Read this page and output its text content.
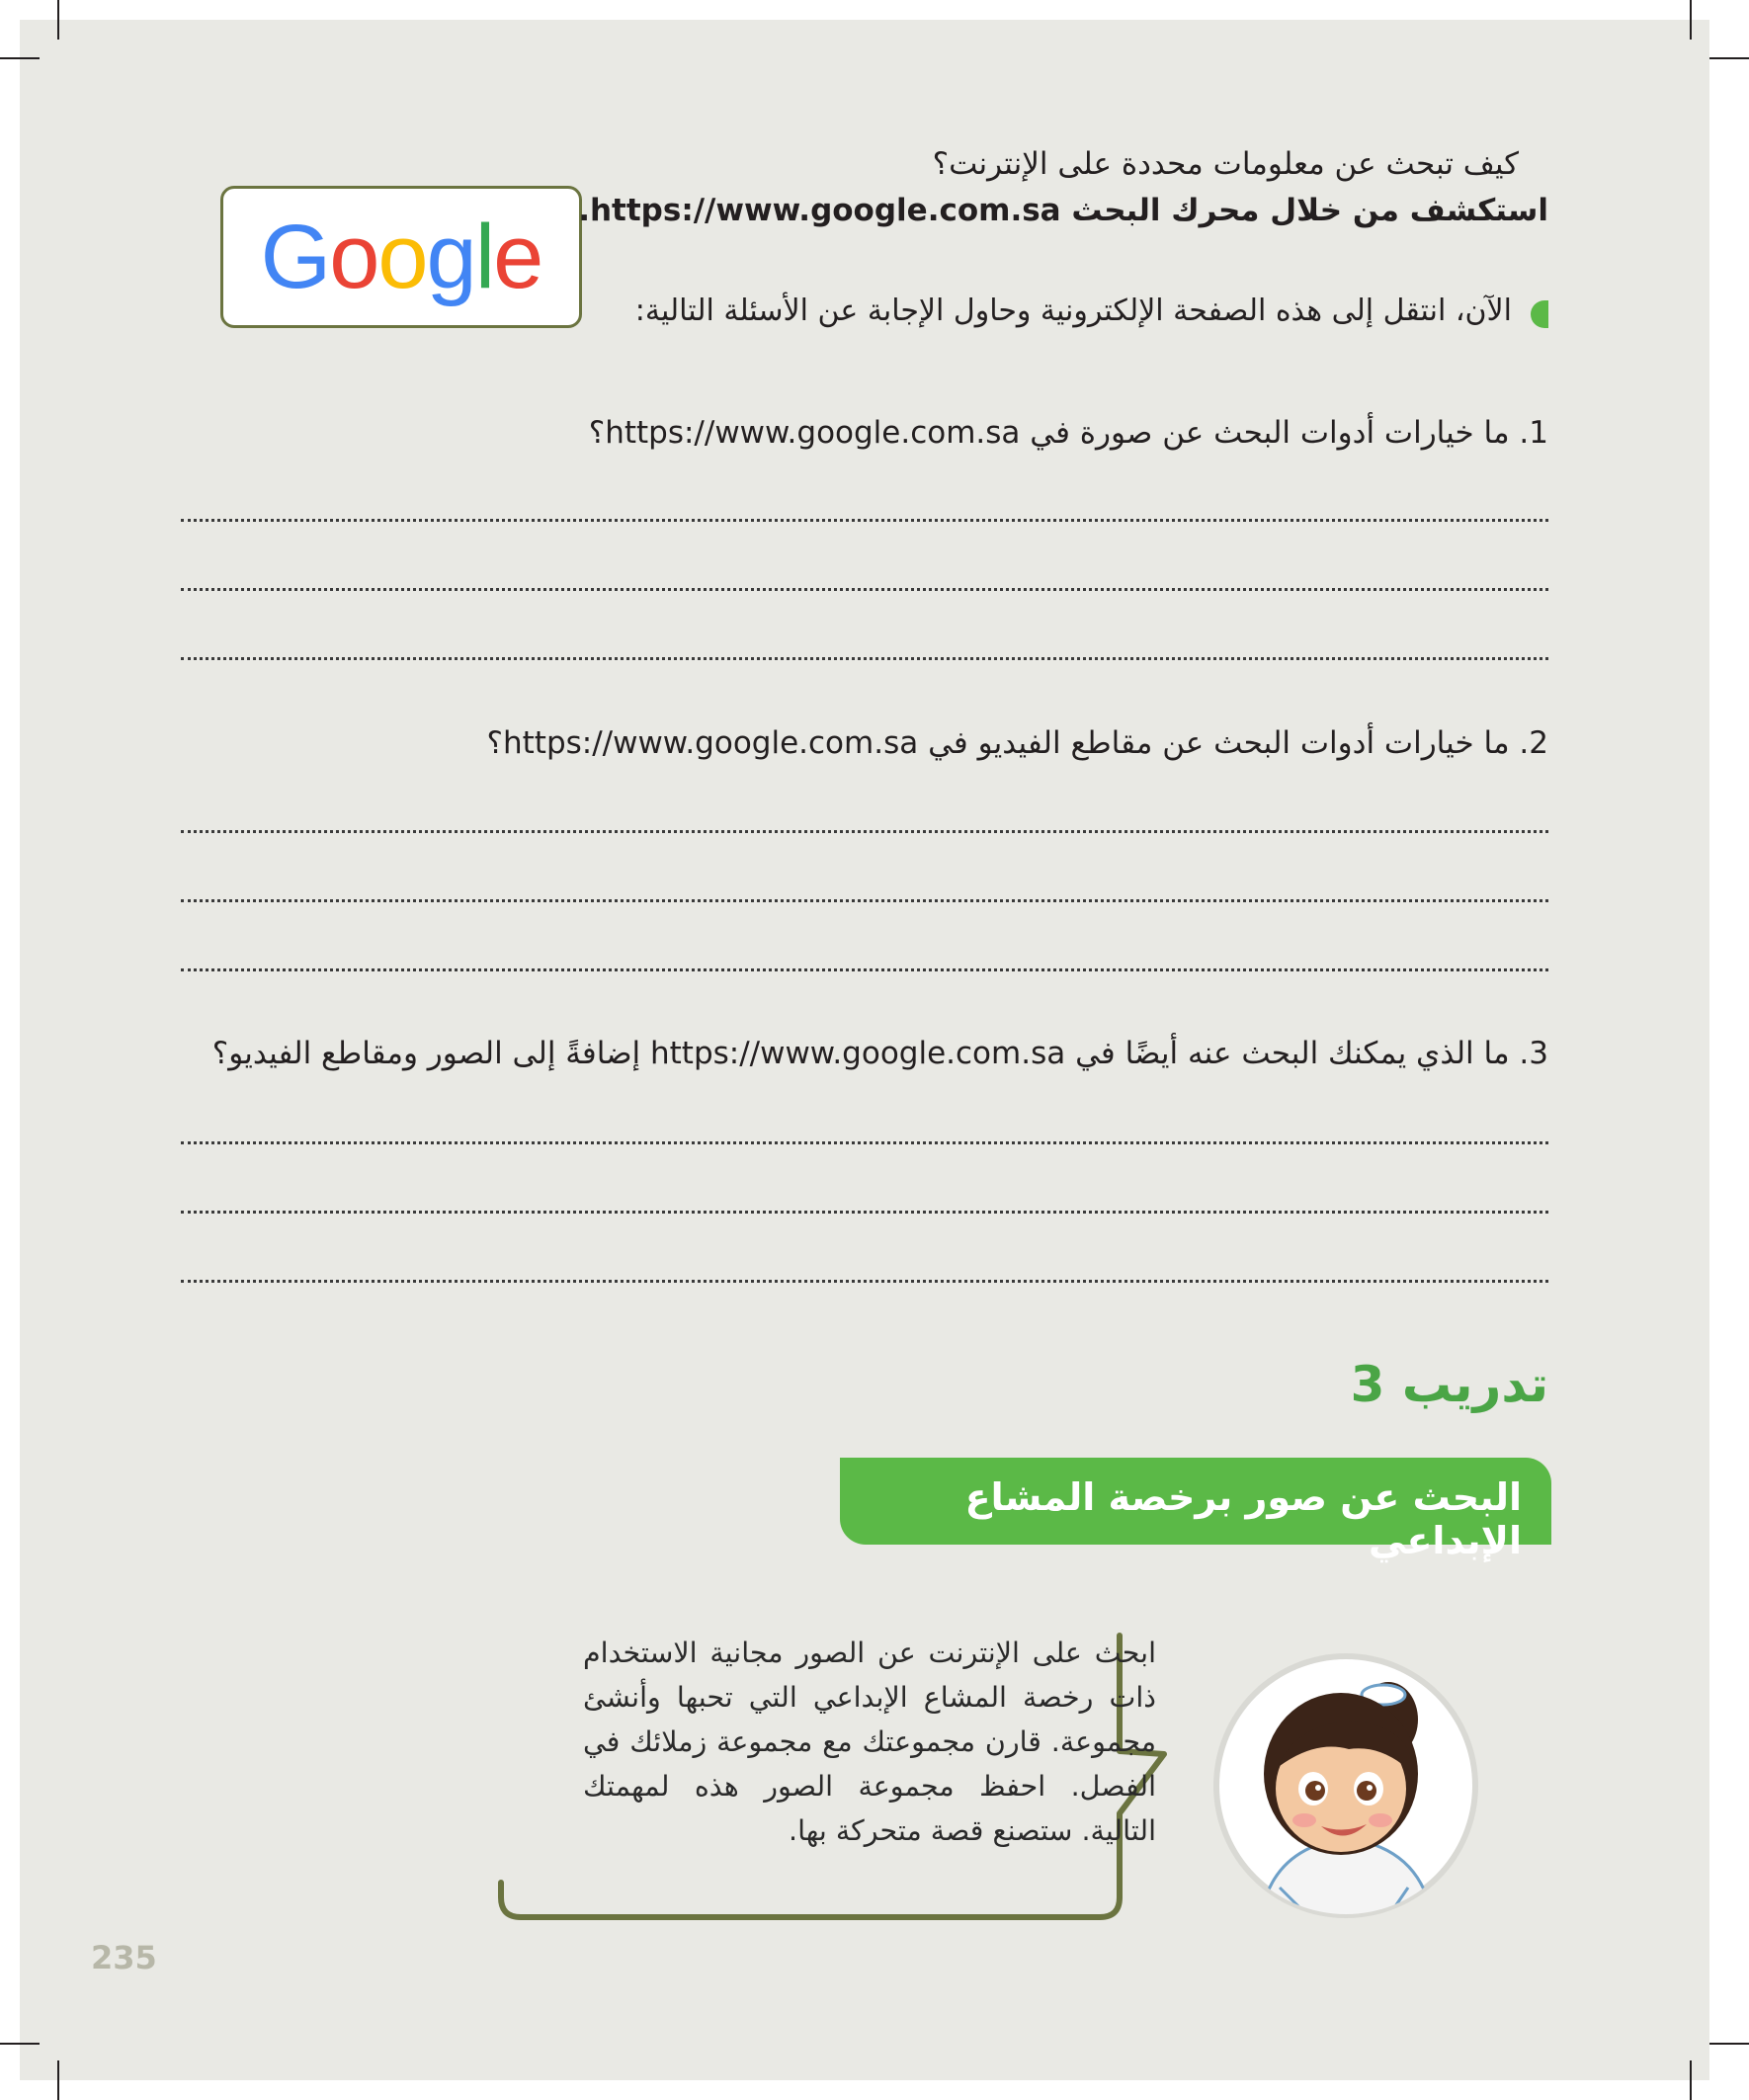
Google
كيف تبحث عن معلومات محددة على الإنترنت؟
استكشف من خلال محرك البحث https://www.google.com.sa.
الآن، انتقل إلى هذه الصفحة الإلكترونية وحاول الإجابة عن الأسئلة التالية:
1. ما خيارات أدوات البحث عن صورة في https://www.google.com.sa؟
2. ما خيارات أدوات البحث عن مقاطع الفيديو في https://www.google.com.sa؟
3. ما الذي يمكنك البحث عنه أيضًا في https://www.google.com.sa إضافةً إلى الصور ومقاطع الفيديو؟
تدريب 3
البحث عن صور برخصة المشاع الإبداعي
ابحث على الإنترنت عن الصور مجانية الاستخدام ذات رخصة المشاع الإبداعي التي تحبها وأنشئ مجموعة. قارن مجموعتك مع مجموعة زملائك في الفصل. احفظ مجموعة الصور هذه لمهمتك التالية. ستصنع قصة متحركة بها.
235
